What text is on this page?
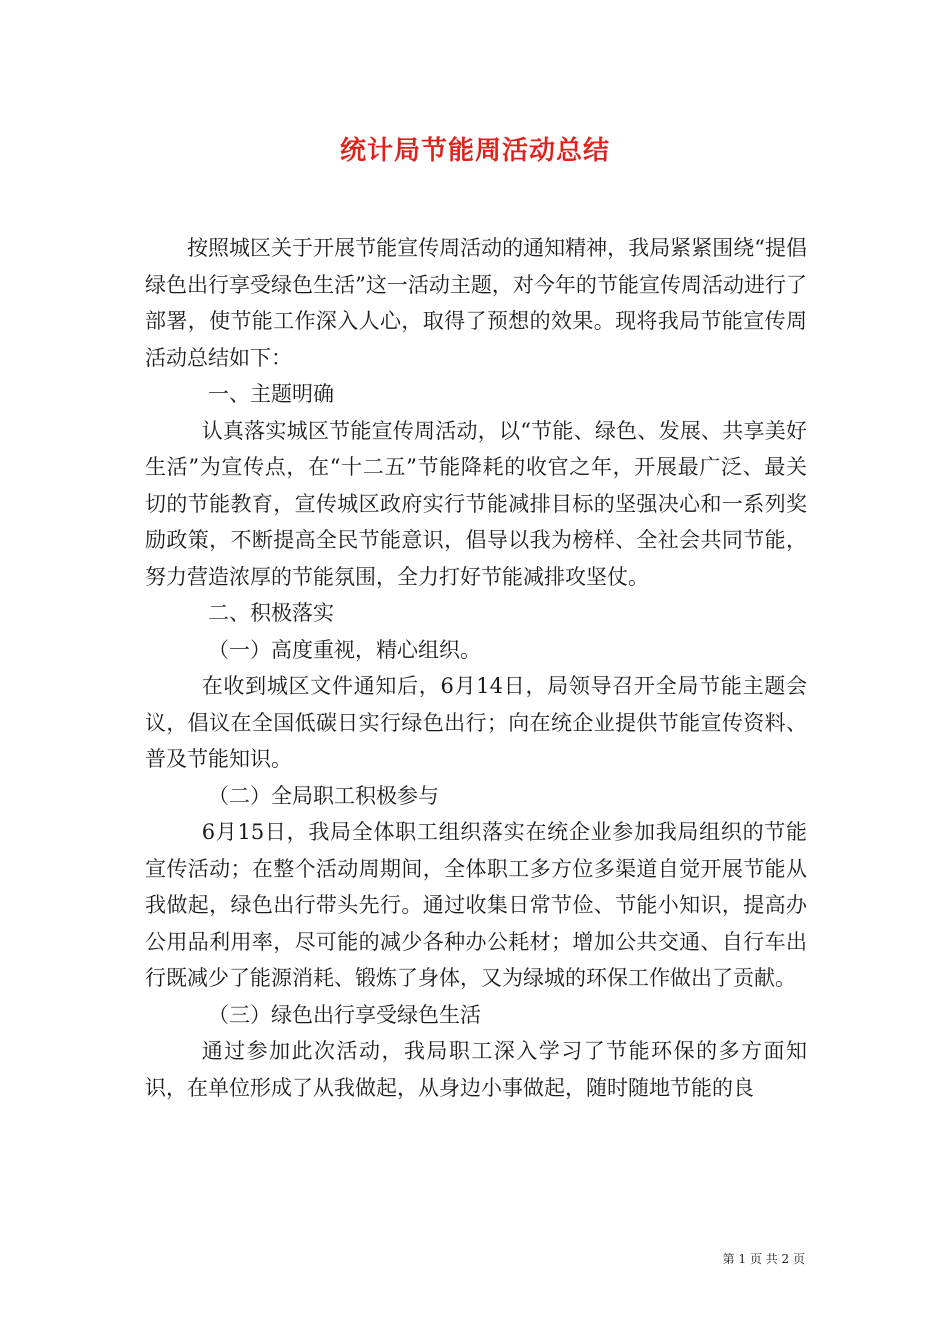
统计局节能周活动总结

按照城区关于开展节能宣传周活动的通知精神，我局紧紧围绕“提倡绿色出行享受绿色生活”这一活动主题，对今年的节能宣传周活动进行了部署，使节能工作深入人心，取得了预想的效果。现将我局节能宣传周活动总结如下：

一、主题明确

认真落实城区节能宣传周活动，以“节能、绿色、发展、共享美好生活”为宣传点，在“十二五”节能降耗的收官之年，开展最广泛、最关切的节能教育，宣传城区政府实行节能减排目标的坚强决心和一系列奖励政策，不断提高全民节能意识，倡导以我为榜样、全社会共同节能，努力营造浓厚的节能氛围，全力打好节能减排攻坚仗。

二、积极落实

（一）高度重视，精心组织。

在收到城区文件通知后，6月14日，局领导召开全局节能主题会议，倡议在全国低碳日实行绿色出行；向在统企业提供节能宣传资料、普及节能知识。

（二）全局职工积极参与

6月15日，我局全体职工组织落实在统企业参加我局组织的节能宣传活动；在整个活动周期间，全体职工多方位多渠道自觉开展节能从我做起，绿色出行带头先行。通过收集日常节俭、节能小知识，提高办公用品利用率，尽可能的减少各种办公耗材；增加公共交通、自行车出行既减少了能源消耗、锻炼了身体，又为绿城的环保工作做出了贡献。

（三）绿色出行享受绿色生活

通过参加此次活动，我局职工深入学习了节能环保的多方面知识，在单位形成了从我做起，从身边小事做起，随时随地节能的良

第 1 页 共 2 页
